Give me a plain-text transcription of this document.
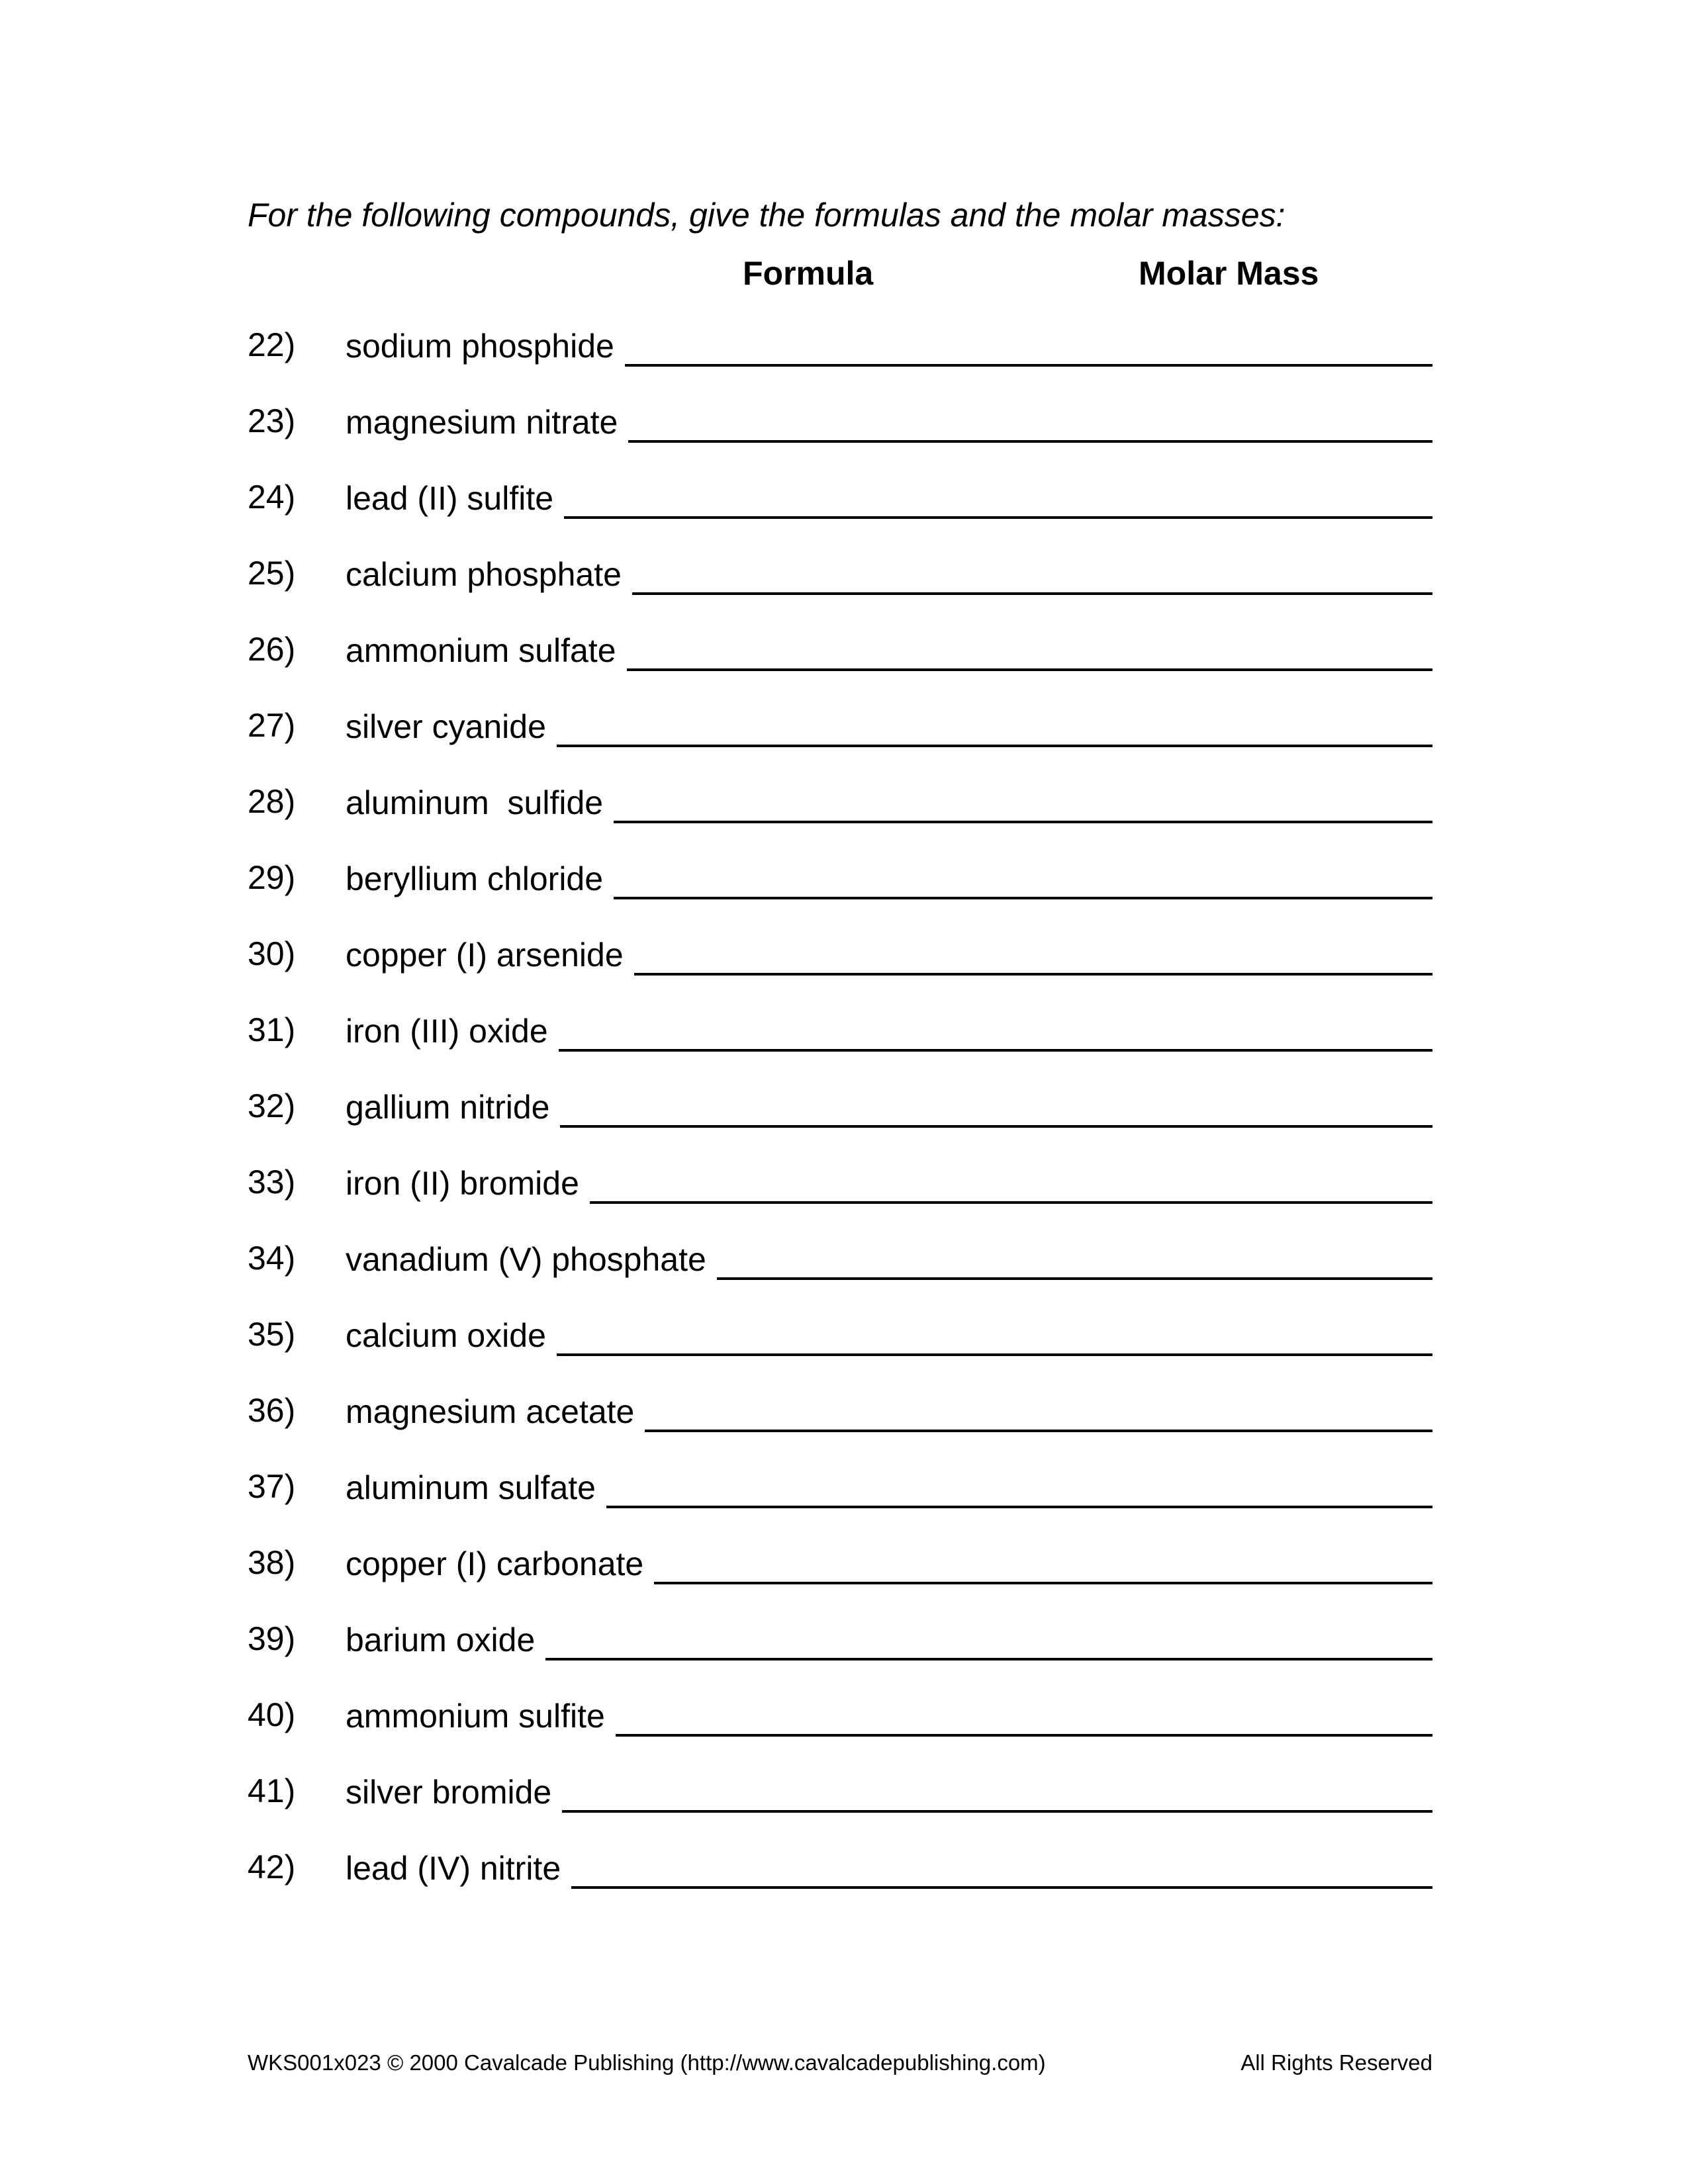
For the following compounds, give the formulas and the molar masses:
Formula	Molar Mass
22) sodium phosphide
23) magnesium nitrate
24) lead (II) sulfite
25) calcium phosphate
26) ammonium sulfate
27) silver cyanide
28) aluminum  sulfide
29) beryllium chloride
30) copper (I) arsenide
31) iron (III) oxide
32) gallium nitride
33) iron (II) bromide
34) vanadium (V) phosphate
35) calcium oxide
36) magnesium acetate
37) aluminum sulfate
38) copper (I) carbonate
39) barium oxide
40) ammonium sulfite
41) silver bromide
42) lead (IV) nitrite
WKS001x023 © 2000 Cavalcade Publishing (http://www.cavalcadepublishing.com)	All Rights Reserved
